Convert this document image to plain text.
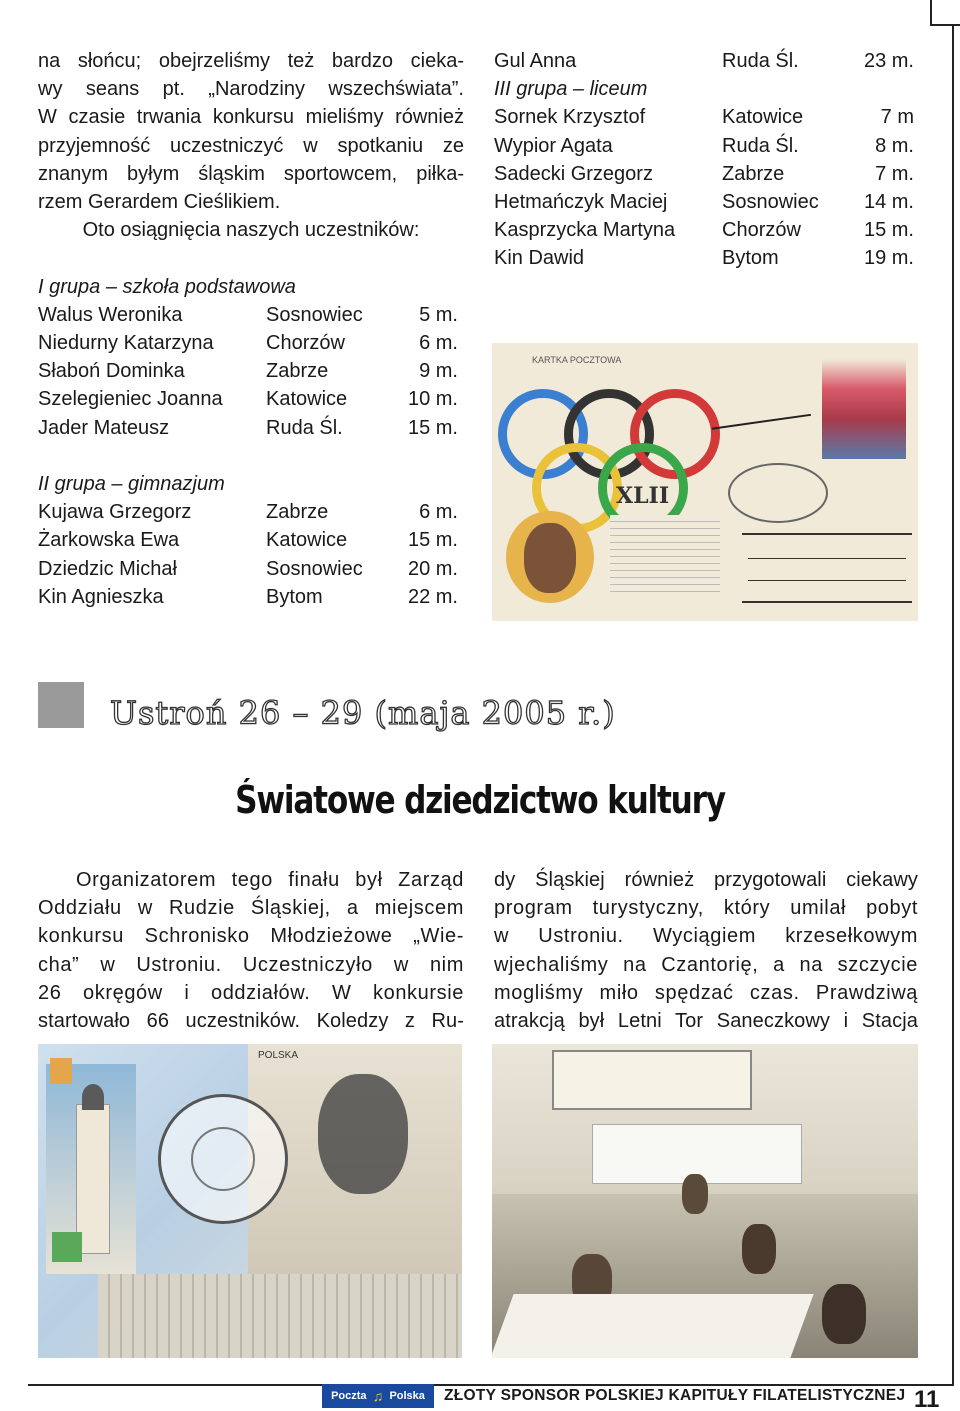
na słońcu; obejrzeliśmy też bardzo cieka-
wy seans pt. „Narodziny wszechświata”.
W czasie trwania konkursu mieliśmy również
przyjemność uczestniczyć w spotkaniu ze
znanym byłym śląskim sportowcem, piłka-
rzem Gerardem Cieślikiem.
Oto osiągnięcia naszych uczestników:
I grupa – szkoła podstawowa
Walus Weronika	Sosnowiec	5 m.
Niedurny Katarzyna	Chorzów	6 m.
Słaboń Dominka	Zabrze	9 m.
Szelegieniec Joanna	Katowice	10 m.
Jader Mateusz	Ruda Śl.	15 m.
II grupa – gimnazjum
Kujawa Grzegorz	Zabrze	6 m.
Żarkowska Ewa	Katowice	15 m.
Dziedzic Michał	Sosnowiec	20 m.
Kin Agnieszka	Bytom	22 m.
Gul Anna	Ruda Śl.	23 m.
III grupa – liceum
Sornek Krzysztof	Katowice	7 m
Wypior Agata	Ruda Śl.	8 m.
Sadecki Grzegorz	Zabrze	7 m.
Hetmańczyk Maciej	Sosnowiec	14 m.
Kasprzycka Martyna	Chorzów	15 m.
Kin Dawid	Bytom	19 m.
KARTKA POCZTOWA
XLII
Ustroń 26 – 29 (maja 2005 r.)
Światowe dziedzictwo kultury
Organizatorem tego finału był Zarząd
Oddziału w Rudzie Śląskiej, a miejscem
konkursu Schronisko Młodzieżowe „Wie-
cha” w Ustroniu. Uczestniczyło w nim
26 okręgów i oddziałów. W konkursie
startowało 66 uczestników. Koledzy z Ru-
dy Śląskiej również przygotowali ciekawy
program turystyczny, który umilał pobyt
w Ustroniu. Wyciągiem krzesełkowym
wjechaliśmy na Czantorię, a na szczycie
mogliśmy miło spędzać czas. Prawdziwą
atrakcją był Letni Tor Saneczkowy i Stacja
POLSKA
Poczta ♫ Polska ZŁOTY SPONSOR POLSKIEJ KAPITUŁY FILATELISTYCZNEJ 11
